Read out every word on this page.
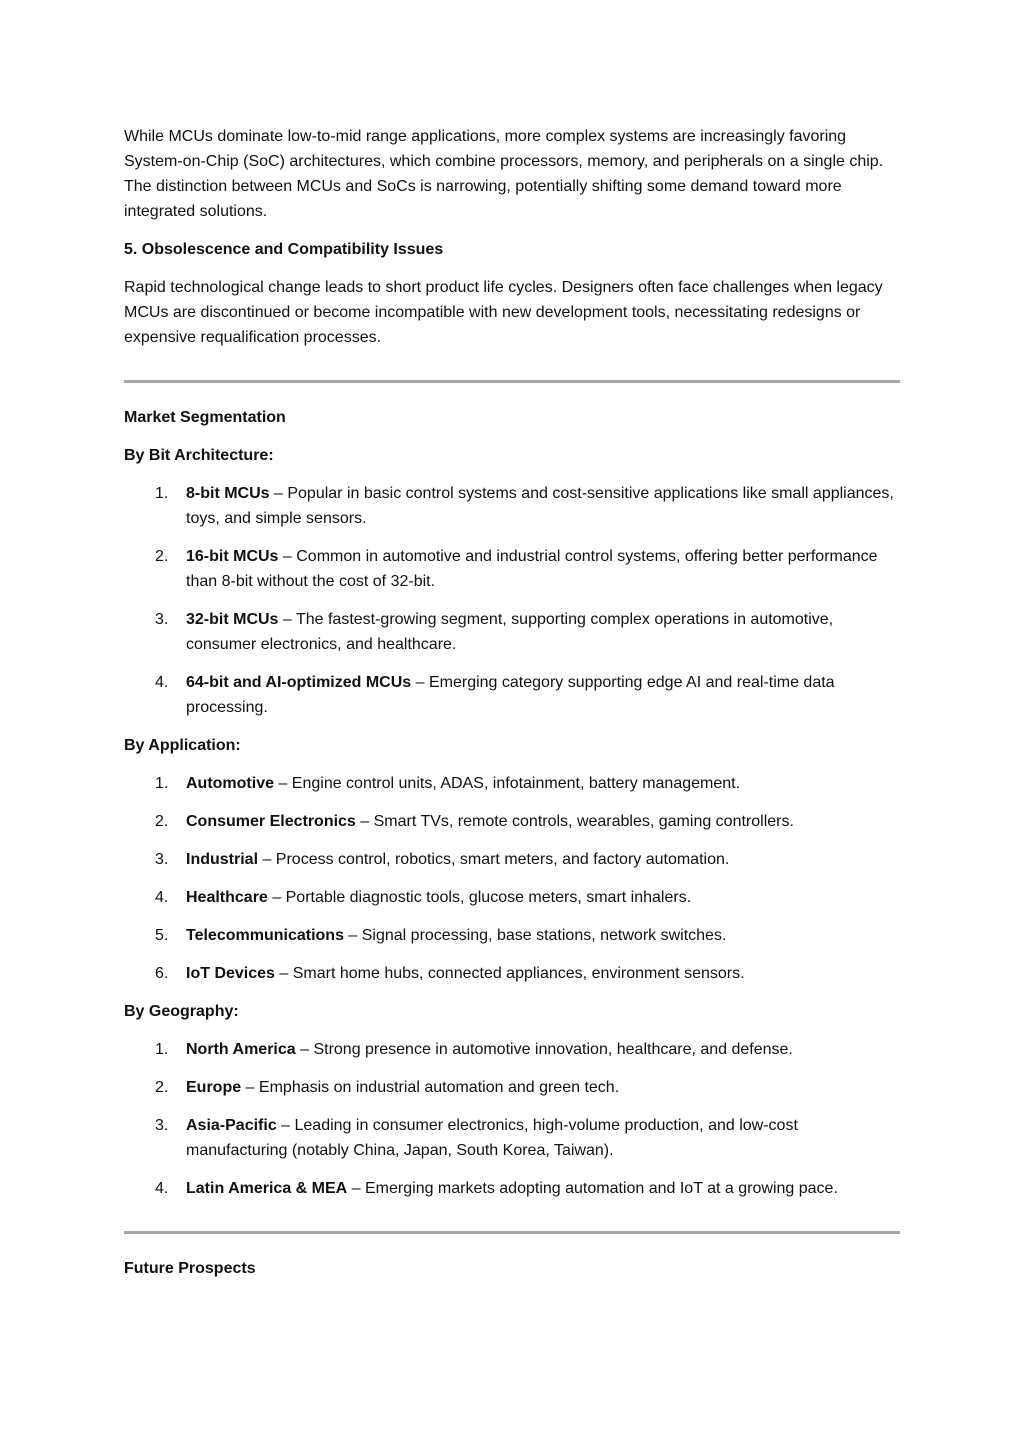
While MCUs dominate low-to-mid range applications, more complex systems are increasingly favoring System-on-Chip (SoC) architectures, which combine processors, memory, and peripherals on a single chip. The distinction between MCUs and SoCs is narrowing, potentially shifting some demand toward more integrated solutions.

5. Obsolescence and Compatibility Issues

Rapid technological change leads to short product life cycles. Designers often face challenges when legacy MCUs are discontinued or become incompatible with new development tools, necessitating redesigns or expensive requalification processes.

Market Segmentation

By Bit Architecture:

1. 8-bit MCUs – Popular in basic control systems and cost-sensitive applications like small appliances, toys, and simple sensors.
2. 16-bit MCUs – Common in automotive and industrial control systems, offering better performance than 8-bit without the cost of 32-bit.
3. 32-bit MCUs – The fastest-growing segment, supporting complex operations in automotive, consumer electronics, and healthcare.
4. 64-bit and AI-optimized MCUs – Emerging category supporting edge AI and real-time data processing.

By Application:

1. Automotive – Engine control units, ADAS, infotainment, battery management.
2. Consumer Electronics – Smart TVs, remote controls, wearables, gaming controllers.
3. Industrial – Process control, robotics, smart meters, and factory automation.
4. Healthcare – Portable diagnostic tools, glucose meters, smart inhalers.
5. Telecommunications – Signal processing, base stations, network switches.
6. IoT Devices – Smart home hubs, connected appliances, environment sensors.

By Geography:

1. North America – Strong presence in automotive innovation, healthcare, and defense.
2. Europe – Emphasis on industrial automation and green tech.
3. Asia-Pacific – Leading in consumer electronics, high-volume production, and low-cost manufacturing (notably China, Japan, South Korea, Taiwan).
4. Latin America & MEA – Emerging markets adopting automation and IoT at a growing pace.

Future Prospects
